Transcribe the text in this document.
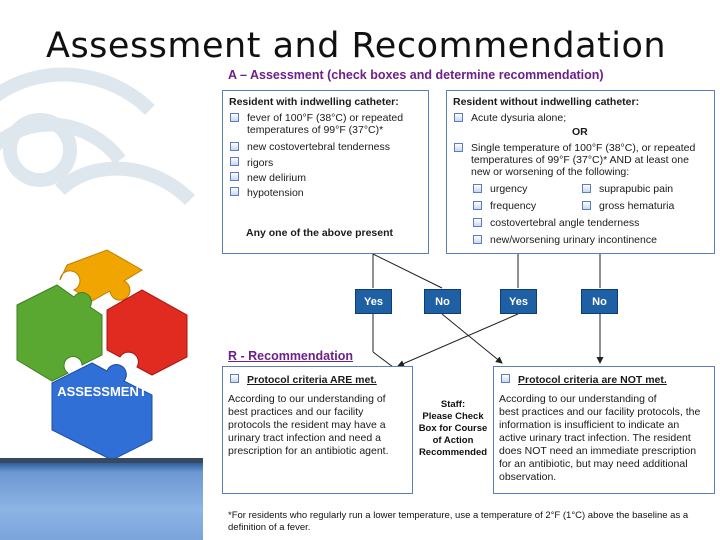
Assessment and Recommendation
ASSESSMENT
A – Assessment (check boxes and determine recommendation)
Resident with indwelling catheter:
fever of 100°F (38°C) or repeated
temperatures of 99°F (37°C)*
new costovertebral tenderness
rigors
new delirium
hypotension
Any one of the above present
Resident without indwelling catheter:
Acute dysuria alone;
OR
Single temperature of 100°F (38°C), or repeated
temperatures of 99°F (37°C)* AND at least one
new or worsening of the following:
urgency	suprapubic pain
frequency	gross hematuria
costovertebral angle tenderness
new/worsening urinary incontinence
Yes	No	Yes	No
R - Recommendation
Protocol criteria ARE met.
According to our understanding of
best practices and our facility
protocols the resident may have a
urinary tract infection and need a
prescription for an antibiotic agent.
Staff:
Please Check
Box for Course
of Action
Recommended
Protocol criteria are NOT met.
According to our understanding of
best practices and our facility protocols, the
information is insufficient to indicate an
active urinary tract infection. The resident
does NOT need an immediate prescription
for an antibiotic, but may need additional
observation.
*For residents who regularly run a lower temperature, use a temperature of 2°F (1°C) above the baseline as a
definition of a fever.
